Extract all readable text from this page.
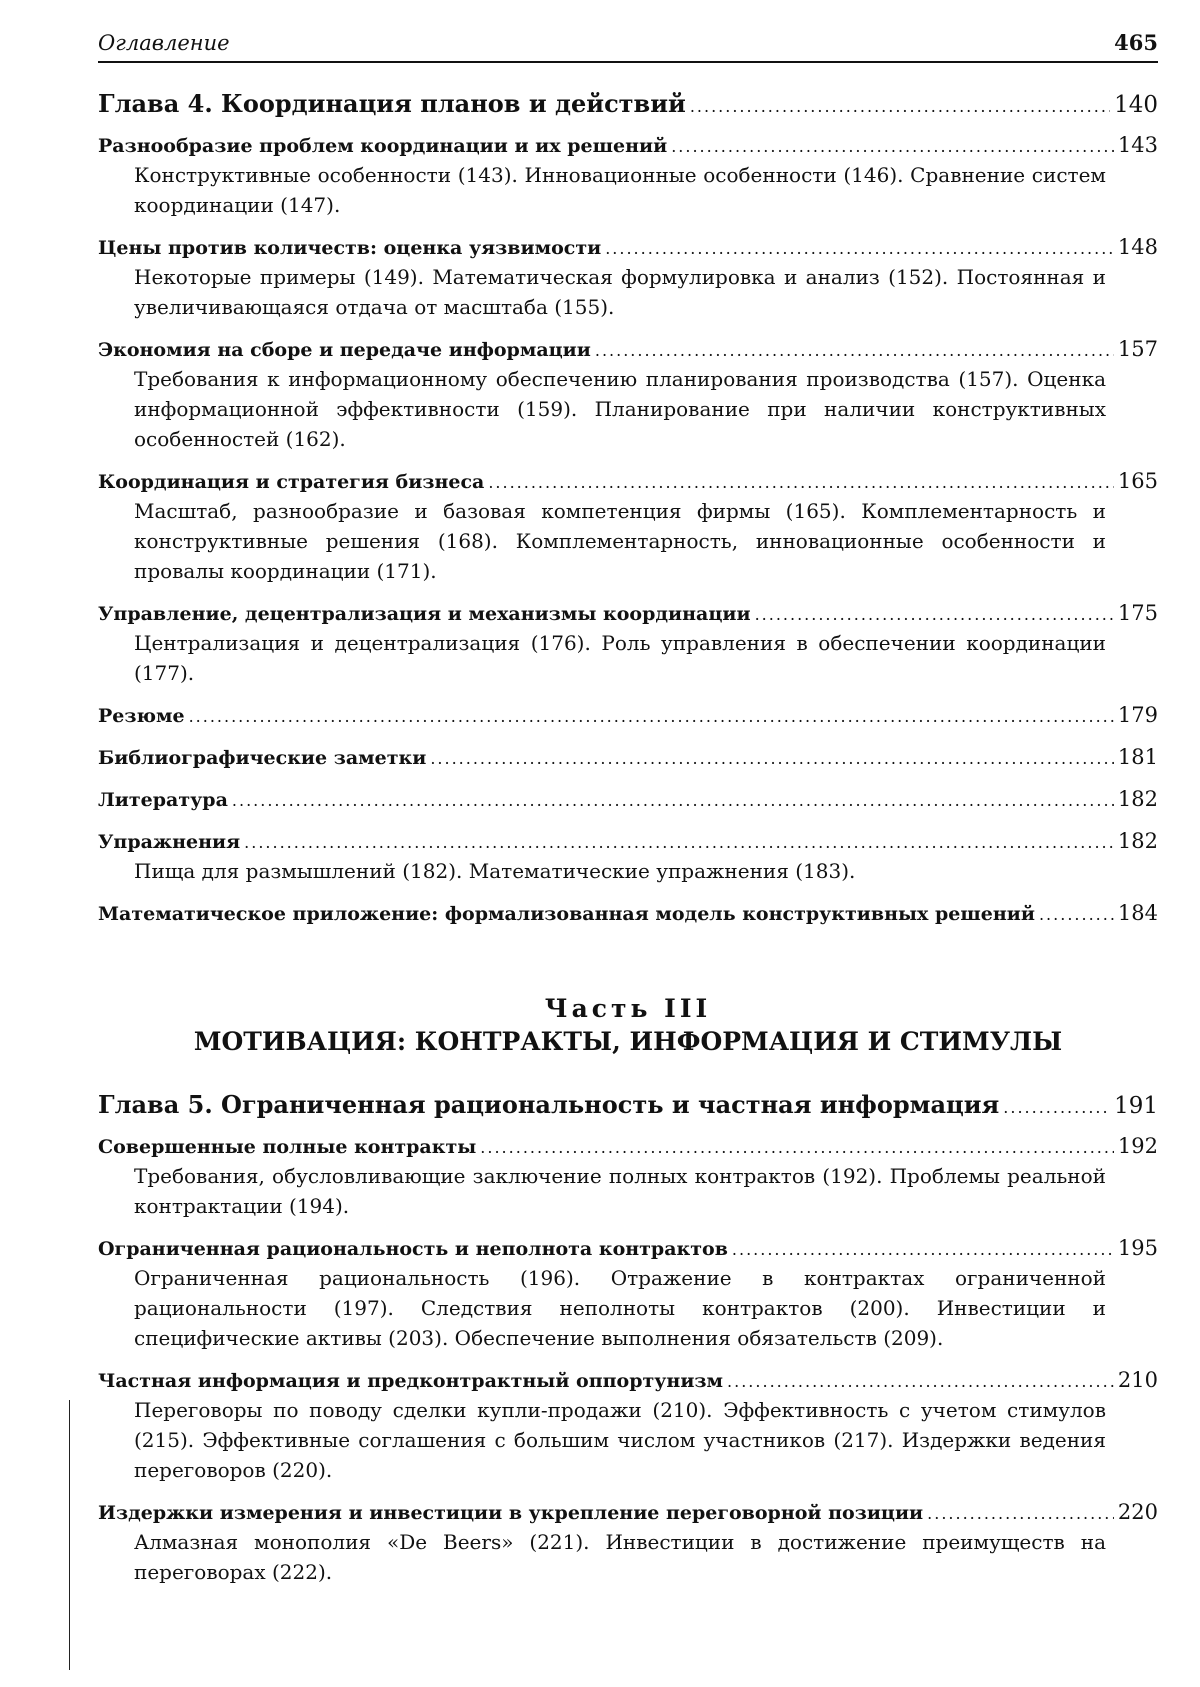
Оглавление	465
Глава 4. Координация планов и действий .....	140
Разнообразие проблем координации и их решений .....	143
Конструктивные особенности (143). Инновационные особенности (146). Сравнение систем координации (147).
Цены против количеств: оценка уязвимости .....	148
Некоторые примеры (149). Математическая формулировка и анализ (152). Постоянная и увеличивающаяся отдача от масштаба (155).
Экономия на сборе и передаче информации .....	157
Требования к информационному обеспечению планирования производства (157). Оценка информационной эффективности (159). Планирование при наличии конструктивных особенностей (162).
Координация и стратегия бизнеса .....	165
Масштаб, разнообразие и базовая компетенция фирмы (165). Комплементарность и конструктивные решения (168). Комплементарность, инновационные особенности и провалы координации (171).
Управление, децентрализация и механизмы координации .....	175
Централизация и децентрализация (176). Роль управления в обеспечении координации (177).
Резюме .....	179
Библиографические заметки .....	181
Литература .....	182
Упражнения .....	182
Пища для размышлений (182). Математические упражнения (183).
Математическое приложение: формализованная модель конструктивных решений .....	184
Часть III
МОТИВАЦИЯ: КОНТРАКТЫ, ИНФОРМАЦИЯ И СТИМУЛЫ
Глава 5. Ограниченная рациональность и частная информация .....	191
Совершенные полные контракты .....	192
Требования, обусловливающие заключение полных контрактов (192). Проблемы реальной контрактации (194).
Ограниченная рациональность и неполнота контрактов .....	195
Ограниченная рациональность (196). Отражение в контрактах ограниченной рациональности (197). Следствия неполноты контрактов (200). Инвестиции и специфические активы (203). Обеспечение выполнения обязательств (209).
Частная информация и предконтрактный оппортунизм .....	210
Переговоры по поводу сделки купли-продажи (210). Эффективность с учетом стимулов (215). Эффективные соглашения с большим числом участников (217). Издержки ведения переговоров (220).
Издержки измерения и инвестиции в укрепление переговорной позиции .....	220
Алмазная монополия «De Beers» (221). Инвестиции в достижение преимуществ на переговорах (222).
